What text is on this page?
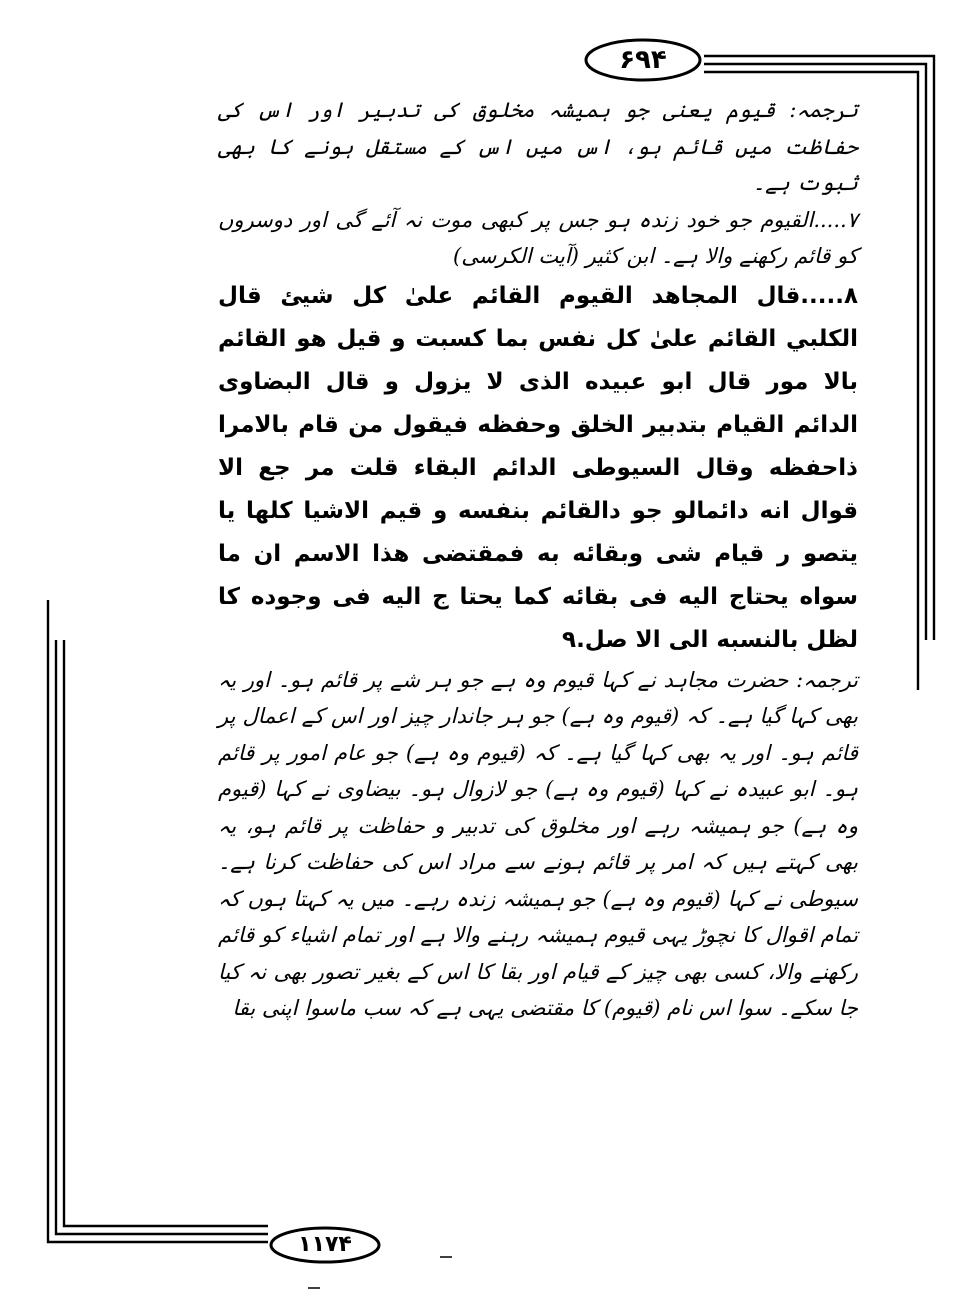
۶۹۴
۱۱۷۴

ترجمہ: قیوم یعنی جو ہمیشہ مخلوق کی تدبیر اور اس کی حفاظت میں قائم ہو، اس میں اس کے مستقل ہونے کا بھی ثبوت ہے۔

۷.....القیوم جو خود زندہ ہو جس پر کبھی موت نہ آئے گی اور دوسروں کو قائم رکھنے والا ہے۔ ابن کثیر (آیت الکرسی)

۸.....قال المجاهد القيوم القائم علىٰ كل شيئ قال الكلبي القائم علىٰ كل نفس بما كسبت و قيل هو القائم بالا مور قال ابو عبيده الذى لا يزول و قال البضاوى الدائم القيام بتدبير الخلق وحفظه فيقول من قام بالامرا ذاحفظه وقال السيوطى الدائم البقاء قلت مر جع الا قوال انه دائمالو جو دالقائم بنفسه و قيم الاشيا كلها يا يتصو ر قيام شى وبقائه به فمقتضى هذا الاسم ان ما سواه يحتاج اليه فى بقائه كما يحتا ج اليه فى وجوده كا لظل بالنسبه الى الا صل.۹

ترجمہ: حضرت مجاہد نے کہا قیوم وہ ہے جو ہر شے پر قائم ہو۔ اور یہ بھی کہا گیا ہے۔ کہ (قیوم وہ ہے) جو ہر جاندار چیز اور اس کے اعمال پر قائم ہو۔ اور یہ بھی کہا گیا ہے۔ کہ (قیوم وہ ہے) جو عام امور پر قائم ہو۔ ابو عبیدہ نے کہا (قیوم وہ ہے) جو لازوال ہو۔ بیضاوی نے کہا (قیوم وہ ہے) جو ہمیشہ رہے اور مخلوق کی تدبیر و حفاظت پر قائم ہو، یہ بھی کہتے ہیں کہ امر پر قائم ہونے سے مراد اس کی حفاظت کرنا ہے۔ سیوطی نے کہا (قیوم وہ ہے) جو ہمیشہ زندہ رہے۔ میں یہ کہتا ہوں کہ تمام اقوال کا نچوڑ یہی قیوم ہمیشہ رہنے والا ہے اور تمام اشیاء کو قائم رکھنے والا، کسی بھی چیز کے قیام اور بقا کا اس کے بغیر تصور بھی نہ کیا جا سکے۔ سوا اس نام (قیوم) کا مقتضی یہی ہے کہ سب ماسوا اپنی بقا
